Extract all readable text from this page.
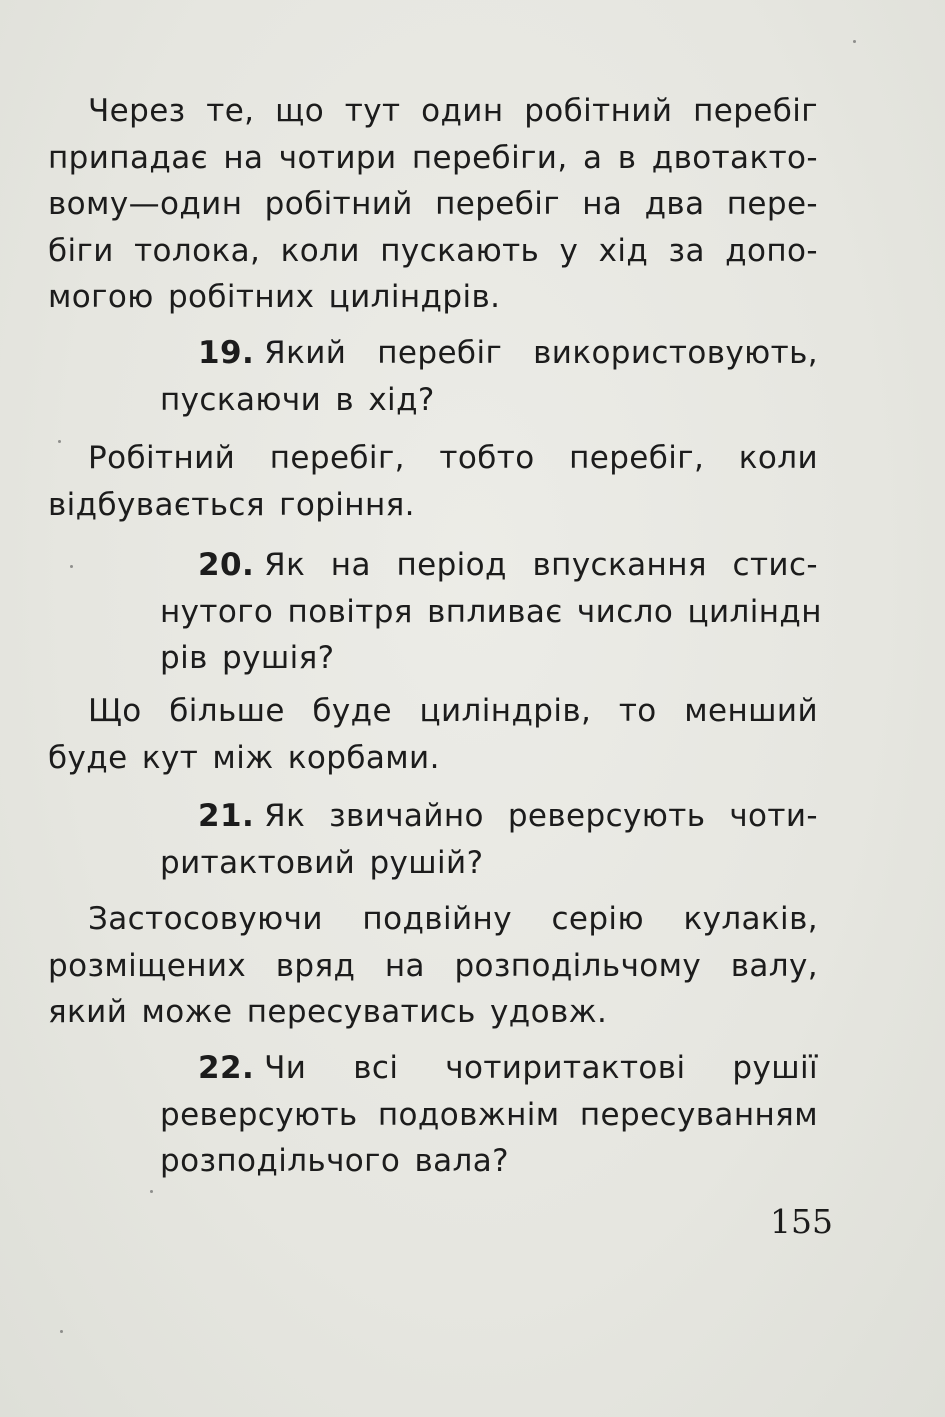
Через те, що тут один робітний перебіг
припадає на чотири перебіги, а в двотакто-
вому—один робітний перебіг на два пере-
біги толока, коли пускають у хід за допо-
могою робітних циліндрів.
19. Який перебіг використовують,
пускаючи в хід?
Робітний перебіг, тобто перебіг, коли
відбувається горіння.
20. Як на період впускання стис-
нутого повітря впливає число циліндн
рів рушія?
Що більше буде циліндрів, то менший
буде кут між корбами.
21. Як звичайно реверсують чоти-
ритактовий рушій?
Застосовуючи подвійну серію кулаків,
розміщених вряд на розподільчому валу,
який може пересуватись удовж.
22. Чи всі чотиритактові рушії
реверсують подовжнім пересуванням
розподільчого вала?
155
